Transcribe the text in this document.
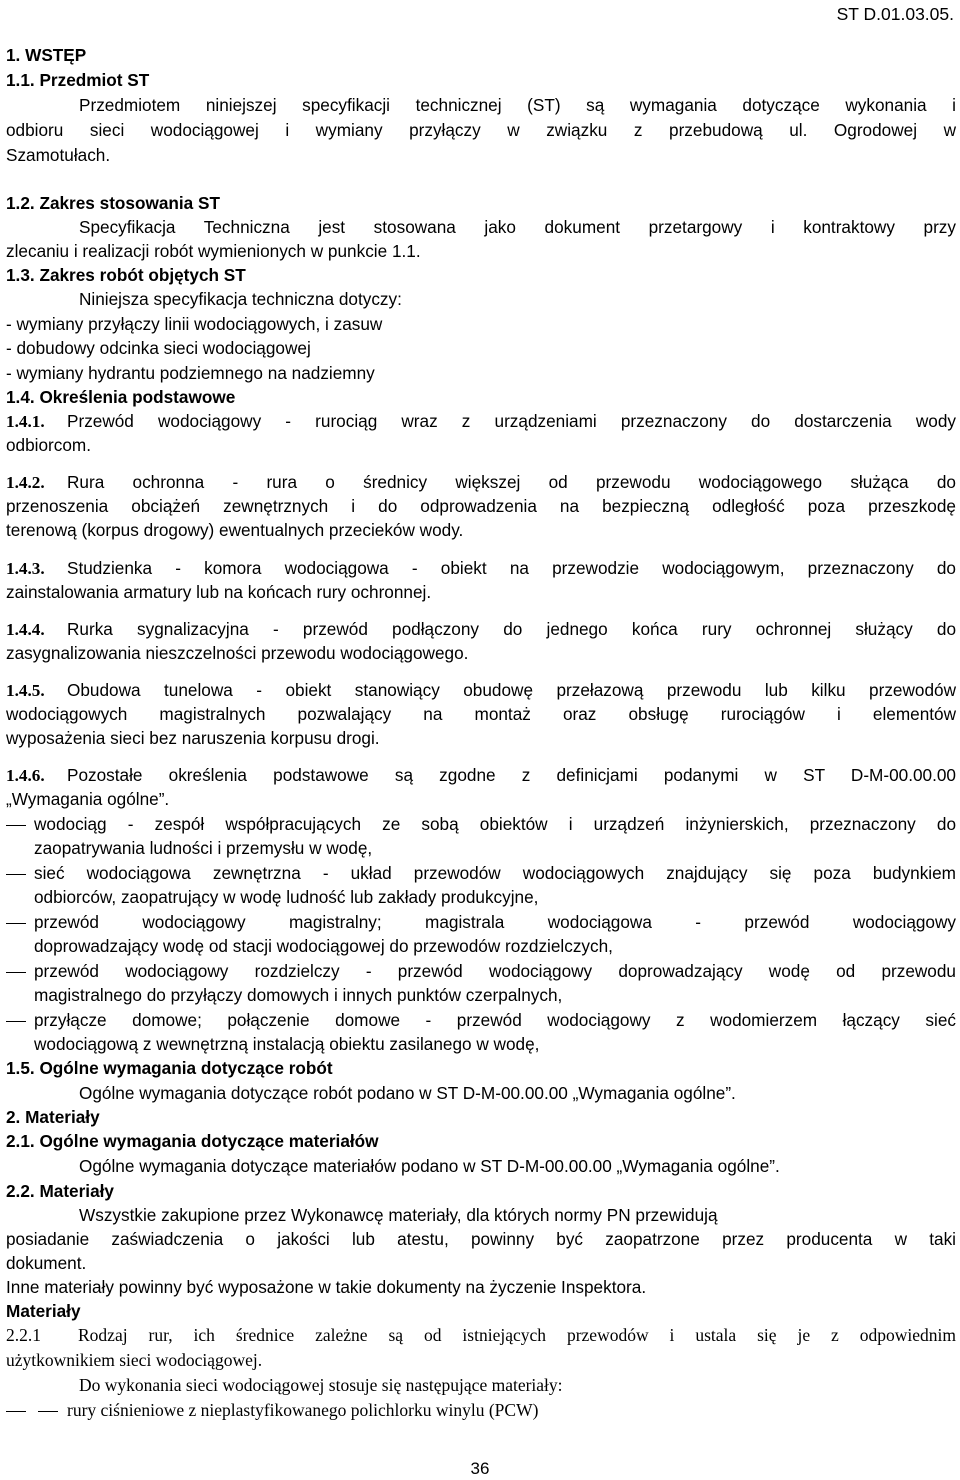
ST D.01.03.05.
1. WSTĘP
1.1. Przedmiot ST
Przedmiotem niniejszej specyfikacji technicznej (ST) są wymagania dotyczące wykonania i
odbioru sieci wodociągowej i wymiany przyłączy w związku z przebudową ul. Ogrodowej w
Szamotułach.
1.2. Zakres stosowania ST
Specyfikacja Techniczna jest stosowana jako dokument przetargowy i kontraktowy przy
zlecaniu i realizacji robót wymienionych w punkcie 1.1.
1.3. Zakres robót objętych ST
Niniejsza specyfikacja techniczna dotyczy:
- wymiany przyłączy linii wodociągowych, i zasuw
- dobudowy odcinka sieci wodociągowej
- wymiany hydrantu podziemnego na nadziemny
1.4. Określenia podstawowe
1.4.1. Przewód wodociągowy - rurociąg wraz z urządzeniami przeznaczony do dostarczenia wody
odbiorcom.
1.4.2. Rura ochronna - rura o średnicy większej od przewodu wodociągowego służąca do
przenoszenia obciążeń zewnętrznych i do odprowadzenia na bezpieczną odległość poza przeszkodę
terenową (korpus drogowy) ewentualnych przecieków wody.
1.4.3. Studzienka - komora wodociągowa - obiekt na przewodzie wodociągowym, przeznaczony do
zainstalowania armatury lub na końcach rury ochronnej.
1.4.4. Rurka sygnalizacyjna - przewód podłączony do jednego końca rury ochronnej służący do
zasygnalizowania nieszczelności przewodu wodociągowego.
1.4.5. Obudowa tunelowa - obiekt stanowiący obudowę przełazową przewodu lub kilku przewodów
wodociągowych magistralnych pozwalający na montaż oraz obsługę rurociągów i elementów
wyposażenia sieci bez naruszenia korpusu drogi.
1.4.6. Pozostałe określenia podstawowe są zgodne z definicjami podanymi w ST D-M-00.00.00
„Wymagania ogólne”.
wodociąg - zespół współpracujących ze sobą obiektów i urządzeń inżynierskich, przeznaczony do
zaopatrywania ludności i przemysłu w wodę,
sieć wodociągowa zewnętrzna - układ przewodów wodociągowych znajdujący się poza budynkiem
odbiorców, zaopatrujący w wodę ludność lub zakłady produkcyjne,
przewód wodociągowy magistralny; magistrala wodociągowa - przewód wodociągowy
doprowadzający wodę od stacji wodociągowej do przewodów rozdzielczych,
przewód wodociągowy rozdzielczy - przewód wodociągowy doprowadzający wodę od przewodu
magistralnego do przyłączy domowych i innych punktów czerpalnych,
przyłącze domowe; połączenie domowe - przewód wodociągowy z wodomierzem łączący sieć
wodociągową z wewnętrzną instalacją obiektu zasilanego w wodę,
1.5. Ogólne wymagania dotyczące robót
Ogólne wymagania dotyczące robót podano w ST D-M-00.00.00 „Wymagania ogólne”.
2. Materiały
2.1. Ogólne wymagania dotyczące materiałów
Ogólne wymagania dotyczące materiałów podano w ST D-M-00.00.00 „Wymagania ogólne”.
2.2. Materiały
Wszystkie zakupione przez Wykonawcę materiały, dla których normy PN przewidują
posiadanie zaświadczenia o jakości lub atestu, powinny być zaopatrzone przez producenta w taki
dokument.
Inne materiały powinny być wyposażone w takie dokumenty na życzenie Inspektora.
Materiały
2.2.1 Rodzaj rur, ich średnice zależne są od istniejących przewodów i ustala się je z odpowiednim
użytkownikiem sieci wodociągowej.
Do wykonania sieci wodociągowej stosuje się następujące materiały:
rury ciśnieniowe z nieplastyfikowanego polichlorku winylu (PCW)
36
